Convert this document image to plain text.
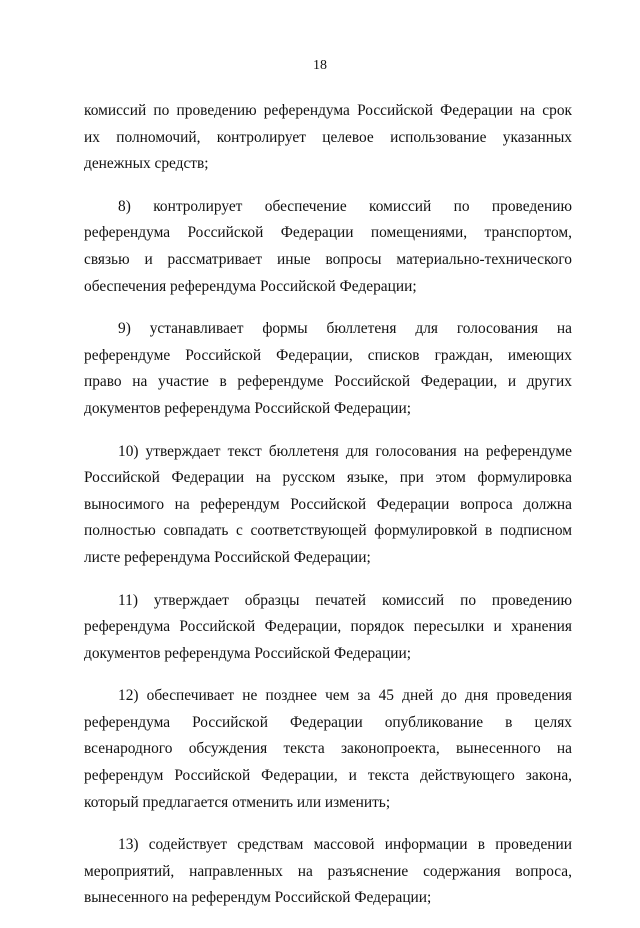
18
комиссий по проведению референдума Российской Федерации на срок
их полномочий, контролирует целевое использование указанных
денежных средств;
8) контролирует обеспечение комиссий по проведению
референдума Российской Федерации помещениями, транспортом,
связью и рассматривает иные вопросы материально-технического
обеспечения референдума Российской Федерации;
9) устанавливает формы бюллетеня для голосования на
референдуме Российской Федерации, списков граждан, имеющих
право на участие в референдуме Российской Федерации, и других
документов референдума Российской Федерации;
10) утверждает текст бюллетеня для голосования на референдуме
Российской Федерации на русском языке, при этом формулировка
выносимого на референдум Российской Федерации вопроса должна
полностью совпадать с соответствующей формулировкой в подписном
листе референдума Российской Федерации;
11) утверждает образцы печатей комиссий по проведению
референдума Российской Федерации, порядок пересылки и хранения
документов референдума Российской Федерации;
12) обеспечивает не позднее чем за 45 дней до дня проведения
референдума Российской Федерации опубликование в целях
всенародного обсуждения текста законопроекта, вынесенного на
референдум Российской Федерации, и текста действующего закона,
который предлагается отменить или изменить;
13) содействует средствам массовой информации в проведении
мероприятий, направленных на разъяснение содержания вопроса,
вынесенного на референдум Российской Федерации;
